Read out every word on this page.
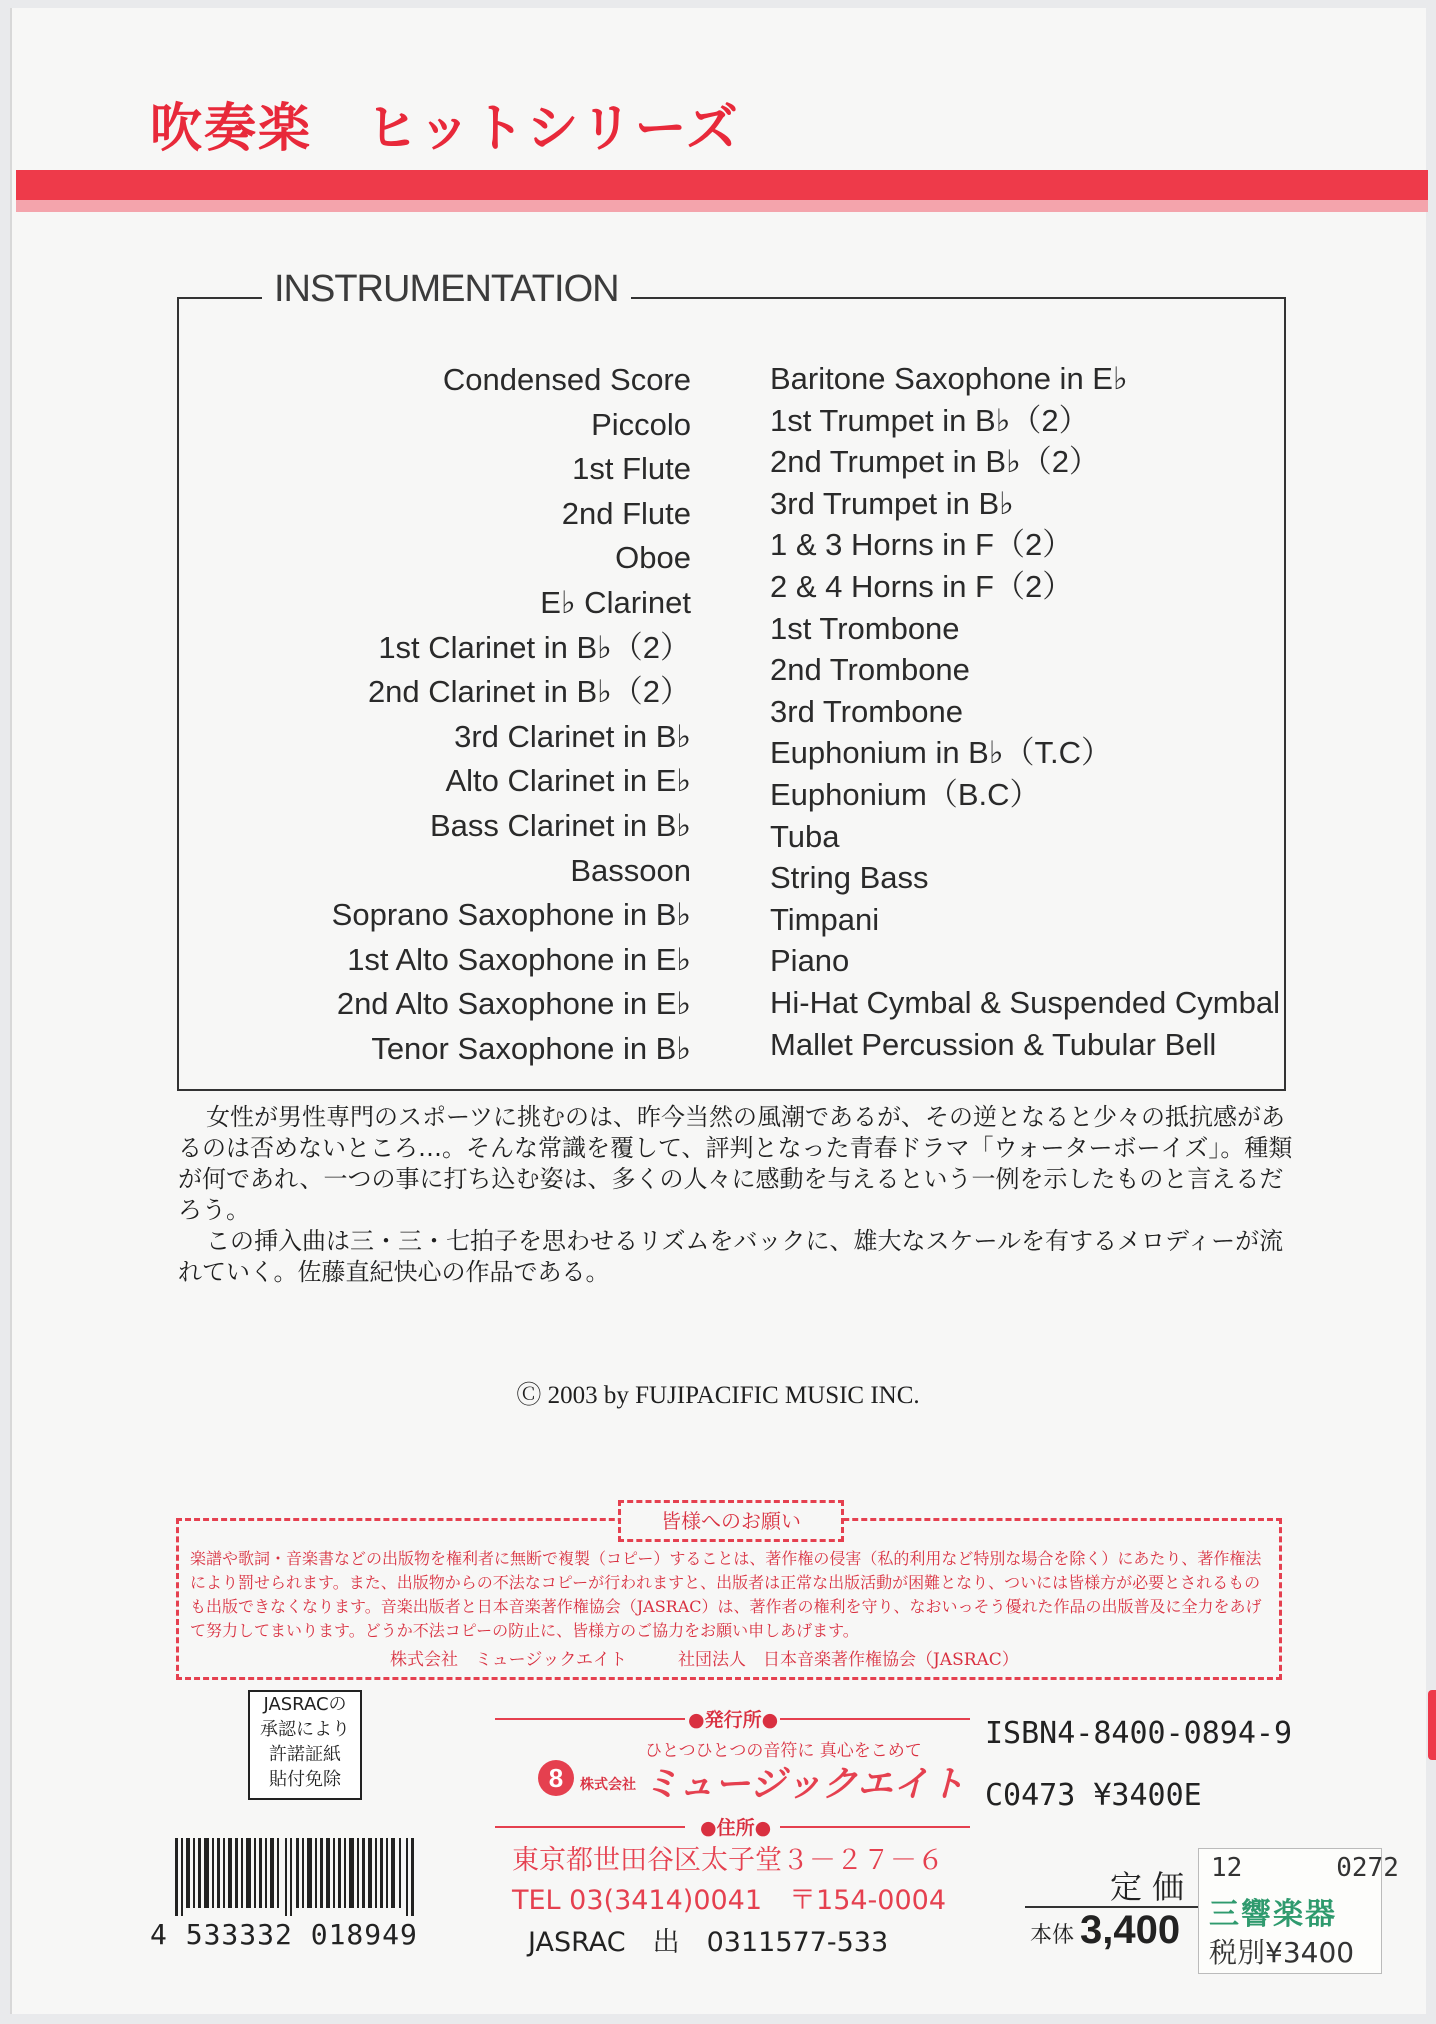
吹奏楽　ヒットシリーズ
INSTRUMENTATION
Condensed Score
Piccolo
1st Flute
2nd Flute
Oboe
E♭ Clarinet
1st Clarinet in B♭（2）
2nd Clarinet in B♭（2）
3rd Clarinet in B♭
Alto Clarinet in E♭
Bass Clarinet in B♭
Bassoon
Soprano Saxophone in B♭
1st Alto Saxophone in E♭
2nd Alto Saxophone in E♭
Tenor Saxophone in B♭
Baritone Saxophone in E♭
1st Trumpet in B♭（2）
2nd Trumpet in B♭（2）
3rd Trumpet in B♭
1 & 3 Horns in F（2）
2 & 4 Horns in F（2）
1st Trombone
2nd Trombone
3rd Trombone
Euphonium in B♭（T.C）
Euphonium（B.C）
Tuba
String Bass
Timpani
Piano
Hi-Hat Cymbal & Suspended Cymbal
Mallet Percussion & Tubular Bell

女性が男性専門のスポーツに挑むのは、昨今当然の風潮であるが、その逆となると少々の抵抗感があるのは否めないところ…。そんな常識を覆して、評判となった青春ドラマ「ウォーターボーイズ」。種類が何であれ、一つの事に打ち込む姿は、多くの人々に感動を与えるという一例を示したものと言えるだろう。

この挿入曲は三・三・七拍子を思わせるリズムをバックに、雄大なスケールを有するメロディーが流れていく。佐藤直紀快心の作品である。

Ⓒ 2003 by FUJIPACIFIC MUSIC INC.
皆様へのお願い
楽譜や歌詞・音楽書などの出版物を権利者に無断で複製（コピー）することは、著作権の侵害（私的利用など特別な場合を除く）にあたり、著作権法により罰せられます。また、出版物からの不法なコピーが行われますと、出版者は正常な出版活動が困難となり、ついには皆様方が必要とされるものも出版できなくなります。音楽出版者と日本音楽著作権協会（JASRAC）は、著作者の権利を守り、なおいっそう優れた作品の出版普及に全力をあげて努力してまいります。どうか不法コピーの防止に、皆様方のご協力をお願い申しあげます。
株式会社　ミュージックエイト　　　社団法人　日本音楽著作権協会（JASRAC）
JASRACの
承認により
許諾証紙
貼付免除
●発行所●
ひとつひとつの音符に 真心をこめて
8	株式会社 ミュージックエイト
●住所●
東京都世田谷区太子堂３－２７－６
TEL 03(3414)0041　〒154-0004
JASRAC　出　0311577-533
ISBN4-8400-0894-9
C0473 ¥3400E
4 533332 018949
定価
本体 3,400
12	0272
三響楽器
税別¥3400
